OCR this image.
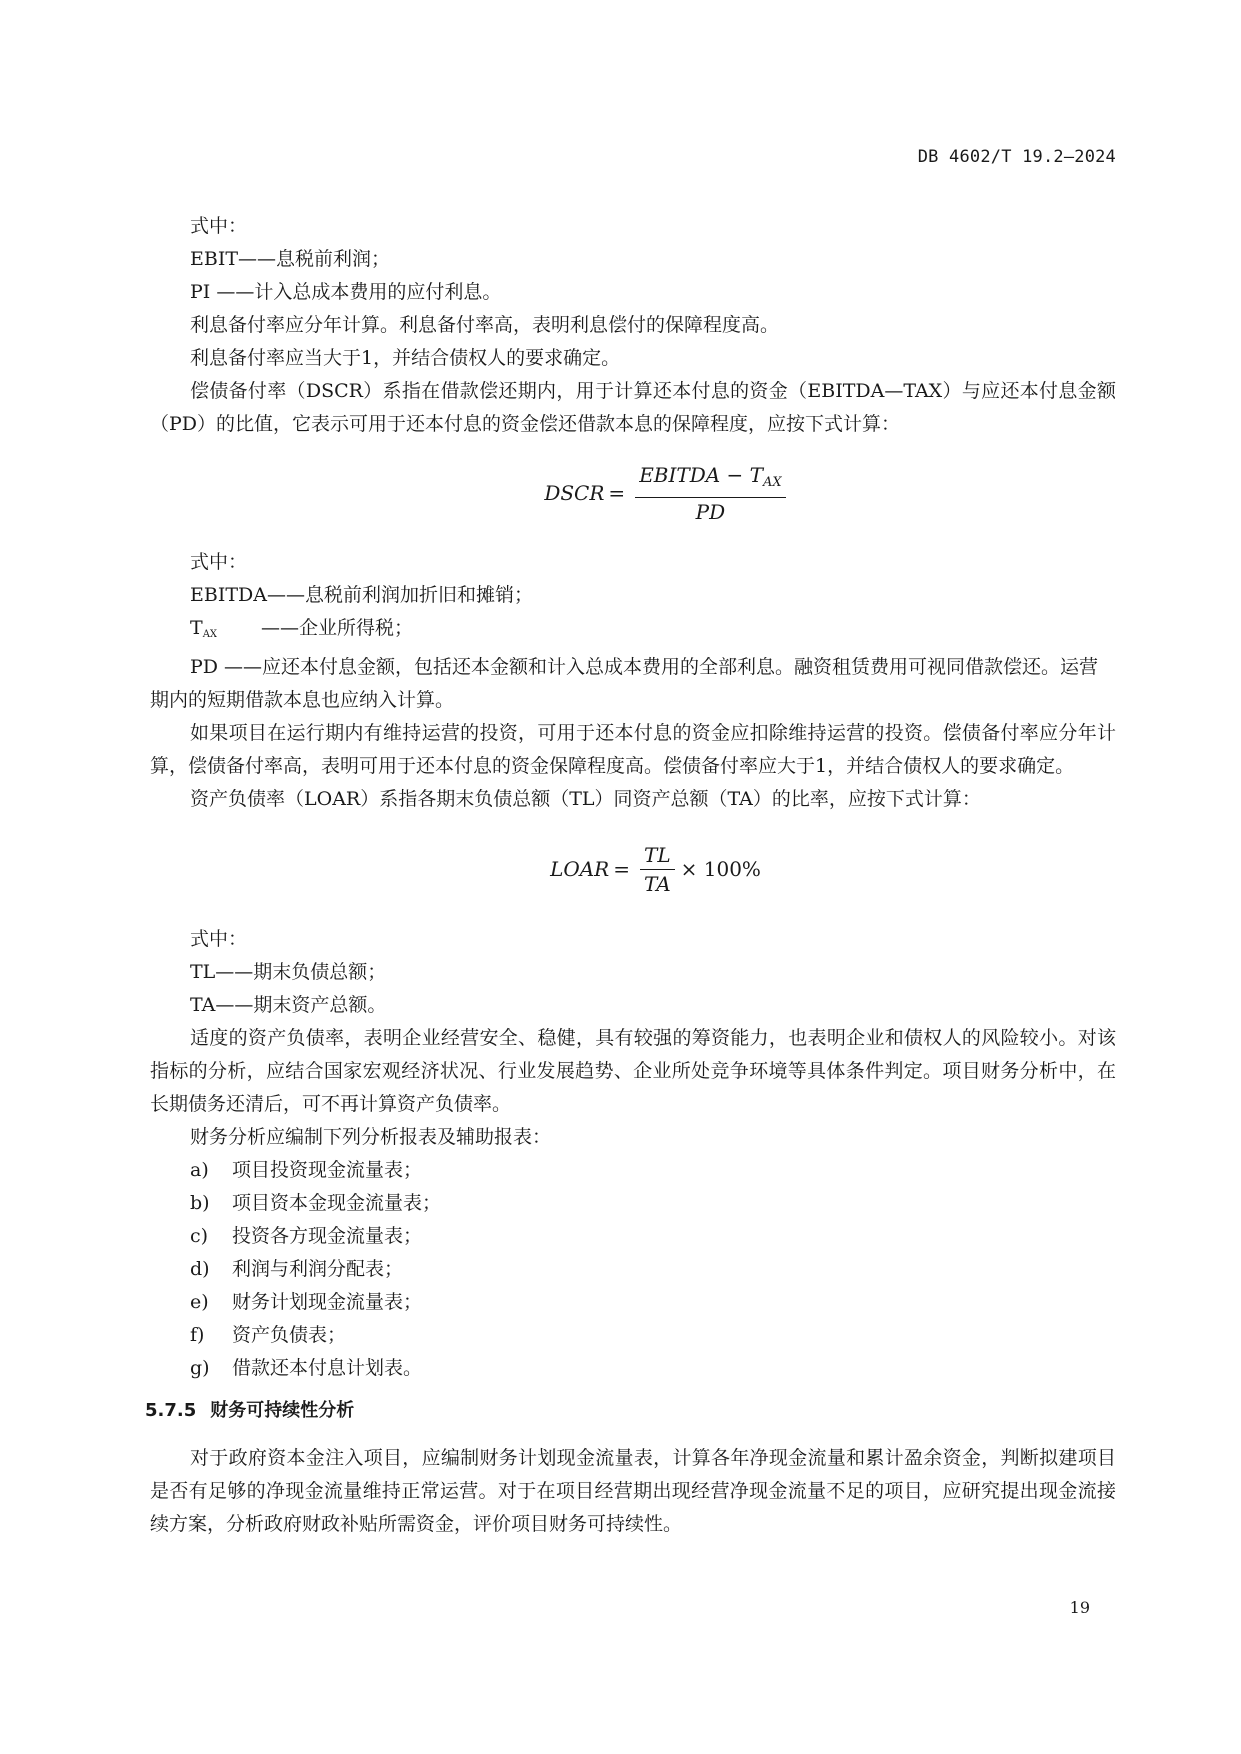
DB 4602/T 19.2—2024

式中：

EBIT——息税前利润；

PI ——计入总成本费用的应付利息。

利息备付率应分年计算。利息备付率高，表明利息偿付的保障程度高。

利息备付率应当大于1，并结合债权人的要求确定。

偿债备付率（DSCR）系指在借款偿还期内，用于计算还本付息的资金（EBITDA—TAX）与应还本付息金额（PD）的比值，它表示可用于还本付息的资金偿还借款本息的保障程度，应按下式计算：

DSCR = $\frac{EBITDA - T_{AX}}{PD}$

式中：

EBITDA——息税前利润加折旧和摊销；

TAX ——企业所得税；

PD ——应还本付息金额，包括还本金额和计入总成本费用的全部利息。融资租赁费用可视同借款偿还。运营期内的短期借款本息也应纳入计算。

如果项目在运行期内有维持运营的投资，可用于还本付息的资金应扣除维持运营的投资。偿债备付率应分年计算，偿债备付率高，表明可用于还本付息的资金保障程度高。偿债备付率应大于1，并结合债权人的要求确定。

资产负债率（LOAR）系指各期末负债总额（TL）同资产总额（TA）的比率，应按下式计算：

LOAR = $\frac{TL}{TA} \times 100\%$

式中：

TL——期末负债总额；

TA——期末资产总额。

适度的资产负债率，表明企业经营安全、稳健，具有较强的筹资能力，也表明企业和债权人的风险较小。对该指标的分析，应结合国家宏观经济状况、行业发展趋势、企业所处竞争环境等具体条件判定。项目财务分析中，在长期债务还清后，可不再计算资产负债率。

财务分析应编制下列分析报表及辅助报表：

a)	项目投资现金流量表；
b)	项目资本金现金流量表；
c)	投资各方现金流量表；
d)	利润与利润分配表；
e)	财务计划现金流量表；
f)	资产负债表；
g)	借款还本付息计划表。
5.7.5 财务可持续性分析

对于政府资本金注入项目，应编制财务计划现金流量表，计算各年净现金流量和累计盈余资金，判断拟建项目是否有足够的净现金流量维持正常运营。对于在项目经营期出现经营净现金流量不足的项目，应研究提出现金流接续方案，分析政府财政补贴所需资金，评价项目财务可持续性。

19
